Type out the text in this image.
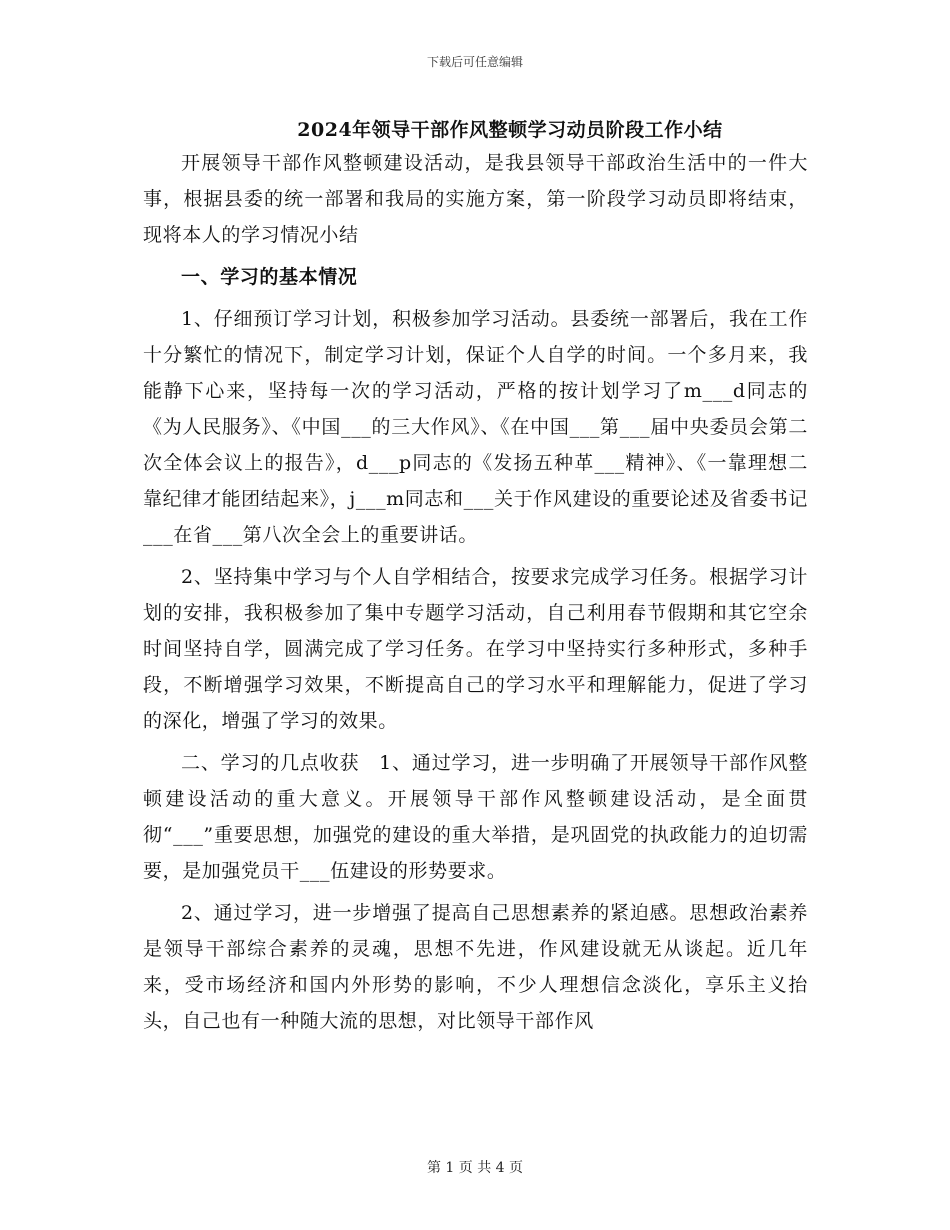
下载后可任意编辑
2024年领导干部作风整顿学习动员阶段工作小结

开展领导干部作风整顿建设活动，是我县领导干部政治生活中的一件大事，根据县委的统一部署和我局的实施方案，第一阶段学习动员即将结束，现将本人的学习情况小结

一、学习的基本情况

1、仔细预订学习计划，积极参加学习活动。县委统一部署后，我在工作十分繁忙的情况下，制定学习计划，保证个人自学的时间。一个多月来，我能静下心来，坚持每一次的学习活动，严格的按计划学习了m___d同志的《为人民服务》、《中国___的三大作风》、《在中国___第___届中央委员会第二次全体会议上的报告》，d___p同志的《发扬五种革___精神》、《一靠理想二靠纪律才能团结起来》，j___m同志和___关于作风建设的重要论述及省委书记___在省___第八次全会上的重要讲话。

2、坚持集中学习与个人自学相结合，按要求完成学习任务。根据学习计划的安排，我积极参加了集中专题学习活动，自己利用春节假期和其它空余时间坚持自学，圆满完成了学习任务。在学习中坚持实行多种形式，多种手段，不断增强学习效果，不断提高自己的学习水平和理解能力，促进了学习的深化，增强了学习的效果。

二、学习的几点收获　1、通过学习，进一步明确了开展领导干部作风整顿建设活动的重大意义。开展领导干部作风整顿建设活动，是全面贯彻“___”重要思想，加强党的建设的重大举措，是巩固党的执政能力的迫切需要，是加强党员干___伍建设的形势要求。

2、通过学习，进一步增强了提高自己思想素养的紧迫感。思想政治素养是领导干部综合素养的灵魂，思想不先进，作风建设就无从谈起。近几年来，受市场经济和国内外形势的影响，不少人理想信念淡化，享乐主义抬头，自己也有一种随大流的思想，对比领导干部作风

第 1 页 共 4 页
